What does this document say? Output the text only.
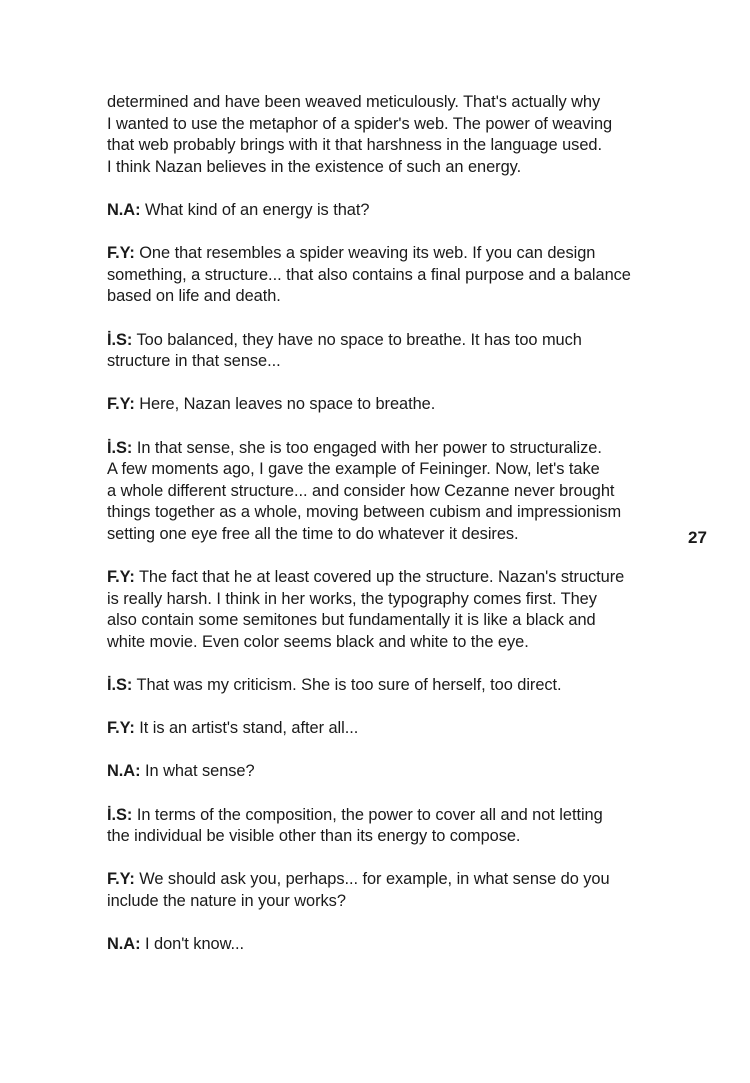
determined and have been weaved meticulously. That's actually why
I wanted to use the metaphor of a spider's web. The power of weaving
that web probably brings with it that harshness in the language used.
I think Nazan believes in the existence of such an energy.

N.A: What kind of an energy is that?

F.Y: One that resembles a spider weaving its web. If you can design
something, a structure... that also contains a final purpose and a balance
based on life and death.

İ.S: Too balanced, they have no space to breathe. It has too much
structure in that sense...

F.Y: Here, Nazan leaves no space to breathe.

İ.S: In that sense, she is too engaged with her power to structuralize.
A few moments ago, I gave the example of Feininger. Now, let's take
a whole different structure... and consider how Cezanne never brought
things together as a whole, moving between cubism and impressionism
setting one eye free all the time to do whatever it desires.

F.Y: The fact that he at least covered up the structure. Nazan's structure
is really harsh. I think in her works, the typography comes first. They
also contain some semitones but fundamentally it is like a black and
white movie. Even color seems black and white to the eye.

İ.S: That was my criticism. She is too sure of herself, too direct.

F.Y: It is an artist's stand, after all...

N.A: In what sense?

İ.S: In terms of the composition, the power to cover all and not letting
the individual be visible other than its energy to compose.

F.Y: We should ask you, perhaps... for example, in what sense do you
include the nature in your works?

N.A: I don't know...

27
